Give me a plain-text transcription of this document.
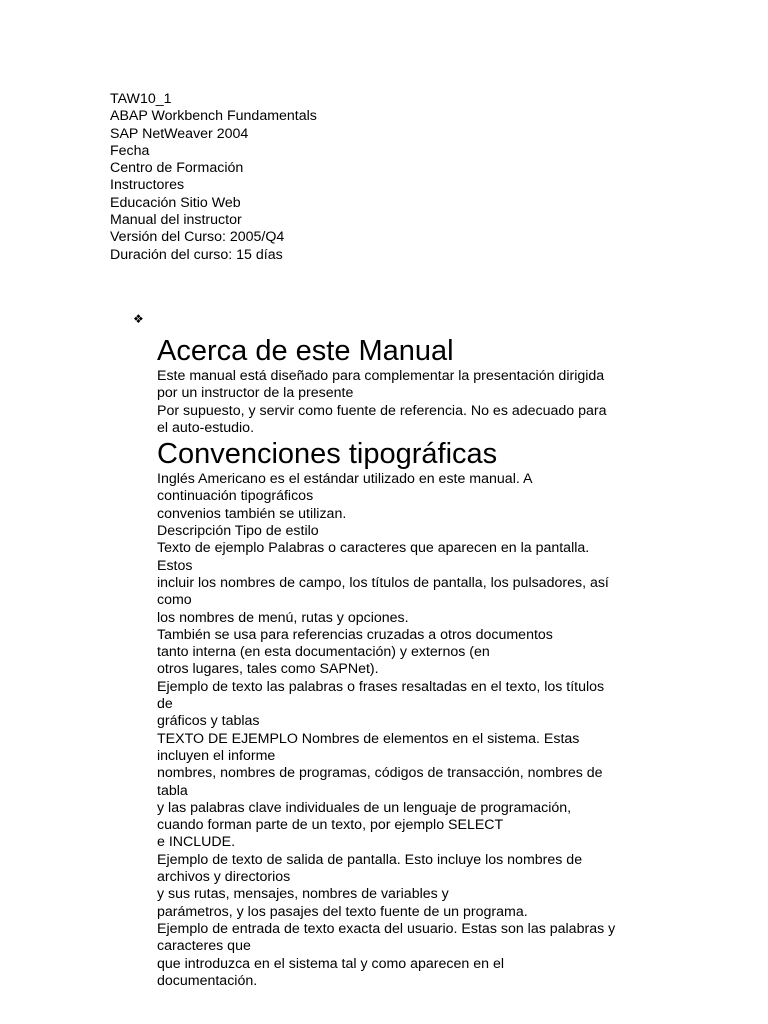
TAW10_1
ABAP Workbench Fundamentals
SAP NetWeaver 2004
Fecha
Centro de Formación
Instructores
Educación Sitio Web
Manual del instructor
Versión del Curso: 2005/Q4
Duración del curso: 15 días
❖
Acerca de este Manual

Este manual está diseñado para complementar la presentación dirigida

por un instructor de la presente

Por supuesto, y servir como fuente de referencia. No es adecuado para

el auto-estudio.

Convenciones tipográficas

Inglés Americano es el estándar utilizado en este manual. A

continuación tipográficos

convenios también se utilizan.

Descripción Tipo de estilo

Texto de ejemplo Palabras o caracteres que aparecen en la pantalla.

Estos

incluir los nombres de campo, los títulos de pantalla, los pulsadores, así

como

los nombres de menú, rutas y opciones.

También se usa para referencias cruzadas a otros documentos

tanto interna (en esta documentación) y externos (en

otros lugares, tales como SAPNet).

Ejemplo de texto las palabras o frases resaltadas en el texto, los títulos

de

gráficos y tablas

TEXTO DE EJEMPLO Nombres de elementos en el sistema. Estas

incluyen el informe

nombres, nombres de programas, códigos de transacción, nombres de

tabla

y las palabras clave individuales de un lenguaje de programación,

cuando forman parte de un texto, por ejemplo SELECT

e INCLUDE.

Ejemplo de texto de salida de pantalla. Esto incluye los nombres de

archivos y directorios

y sus rutas, mensajes, nombres de variables y

parámetros, y los pasajes del texto fuente de un programa.

Ejemplo de entrada de texto exacta del usuario. Estas son las palabras y

caracteres que

que introduzca en el sistema tal y como aparecen en el

documentación.
